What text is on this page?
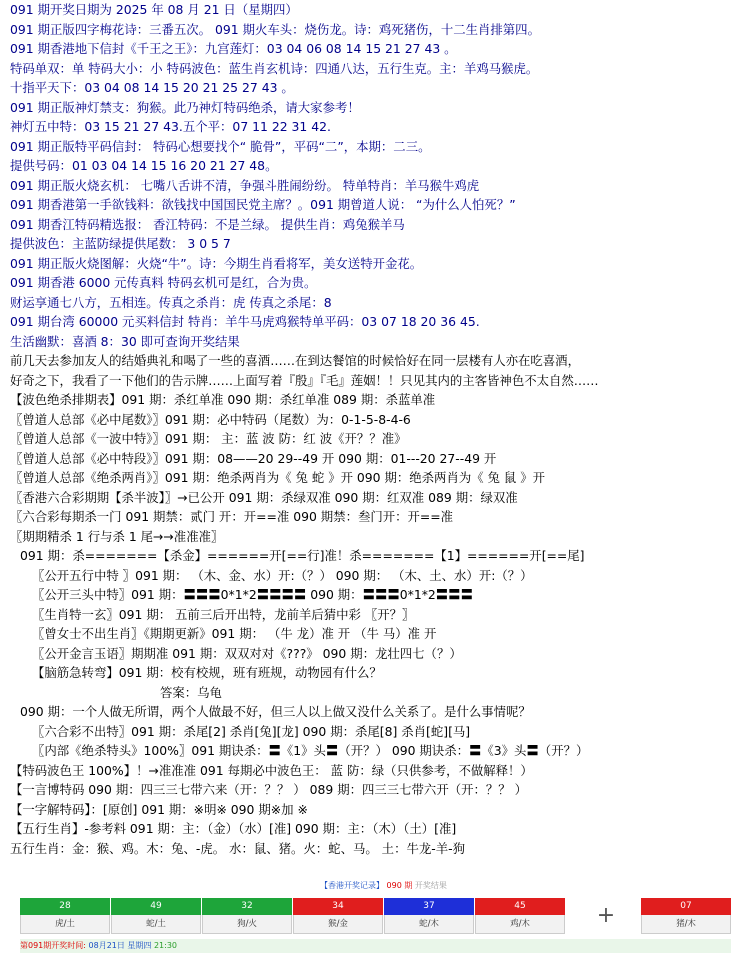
091 期开奖日期为 2025 年 08 月 21 日（星期四）
091 期正版四字梅花诗：三番五次。 091 期火车头：烧伤龙。诗：鸡死猪伤，十二生肖排第四。
091 期香港地下信封《千王之王》：九宫莲灯：03 04 06 08 14 15 21 27 43 。
特码单双：单 特码大小：小 特码波色：蓝生肖玄机诗：四通八达，五行生克。主：羊鸡马猴虎。
十指平天下：03 04 08 14 15 20 21 25 27 43 。
091 期正版神灯禁支：狗猴。此乃神灯特码绝杀，请大家参考！
神灯五中特：03 15 21 27 43.五个平：07 11 22 31 42.
091 期正版特平码信封： 特码心想要找个“ 脆骨”，平码“二”，本期：二三。
提供号码：01 03 04 14 15 16 20 21 27 48。
091 期正版火烧玄机： 七嘴八舌讲不清，争强斗胜闹纷纷。 特单特肖：羊马猴牛鸡虎
091 期香港第一手欲钱料：欲钱找中国国民党主席？。091 期曾道人说： “为什么人怕死？”
091 期香江特码精选报： 香江特码：不是兰绿。 提供生肖：鸡兔猴羊马
提供波色：主蓝防绿提供尾数： 3 0 5 7
091 期正版火烧图解：火烧“牛”。诗：今期生肖看将军，美女送特开金花。
091 期香港 6000 元传真料 特码玄机可是红，合为贵。
财运享通七八方，五相连。传真之杀肖：虎 传真之杀尾：8
091 期台湾 60000 元买料信封 特肖：羊牛马虎鸡猴特单平码：03 07 18 20 36 45.
生活幽默：喜酒 8：30 即可查询开奖结果
前几天去参加友人的结婚典礼和喝了一些的喜酒……在到达餐馆的时候恰好在同一层楼有人亦在吃喜酒，
好奇之下，我看了一下他们的告示牌……上面写着『殷』『毛』莲姻！！只见其内的主客皆神色不太自然……
【波色绝杀排期表】091 期：杀红单准 090 期：杀红单准 089 期：杀蓝单准
〖曾道人总部《必中尾数》〗091 期：必中特码（尾数）为：0-1-5-8-4-6
〖曾道人总部《一波中特》〗091 期： 主：蓝 波 防：红 波《开？？准》
〖曾道人总部《必中特段》〗091 期：08——20 29--49 开 090 期：01---20 27--49 开
〖曾道人总部《绝杀两肖》〗091 期：绝杀两肖为《 兔 蛇 》开 090 期：绝杀两肖为《 兔 鼠 》开
〖香港六合彩期期【杀半波】〗→已公开 091 期：杀绿双准 090 期：红双准 089 期：绿双准
〖六合彩每期杀一门 091 期禁：贰门 开：开==准 090 期禁：叁门开：开==准
〖期期精杀 1 行与杀 1 尾→→准准准〗
091 期：杀=======【杀金】======开[==行]准！杀=======【1】======开[==尾]
〖公开五行中特 〗091 期： （木、金、水）开:（？） 090 期： （木、土、水）开:（？）
〖公开三头中特〗091 期：〓〓〓0*1*2〓〓〓〓 090 期：〓〓〓0*1*2〓〓〓
〖生肖特一玄〗091 期： 五前三后开出特，龙前羊后猜中彩 〖开？〗
〖曾女士不出生肖〗《期期更新》091 期： （牛 龙）准 开 （牛 马）准 开
〖公开金言玉语〗期期准 091 期：双双对对《???》 090 期：龙壮四七（？）
【脑筋急转弯】091 期：校有校规，班有班规，动物园有什么？
答案：乌龟
090 期：一个人做无所谓，两个人做最不好，但三人以上做又没什么关系了。是什么事情呢？
〖六合彩不出特〗091 期：杀尾[2] 杀肖[兔][龙] 090 期：杀尾[8] 杀肖[蛇][马]
〖内部《绝杀特头》100%〗091 期诀杀：〓《1》头〓（开？） 090 期诀杀：〓《3》头〓（开？）
【特码波色王 100%】！→准准准 091 每期必中波色王： 蓝 防：绿（只供参考，不做解释！）
【一言博特码 090 期：四三三七带六来（开：？？ ） 089 期：四三三七带六开（开：？？ ）
【一字解特码】：[原创] 091 期：※明※ 090 期※加 ※
【五行生肖】-参考料 091 期：主：（金）（水）[准] 090 期：主：（木）（土）[准]
五行生肖：金：猴、鸡。木：兔、-虎。 水：鼠、猪。火：蛇、马。 土：牛龙-羊-狗
【香港开奖记录】 090 期 开奖结果
28
虎/土
49
蛇/土
32
狗/火
34
猴/金
37
蛇/木
45
鸡/木	+	07
猪/木
第091期开奖时间: 08月21日 星期四 21:30
